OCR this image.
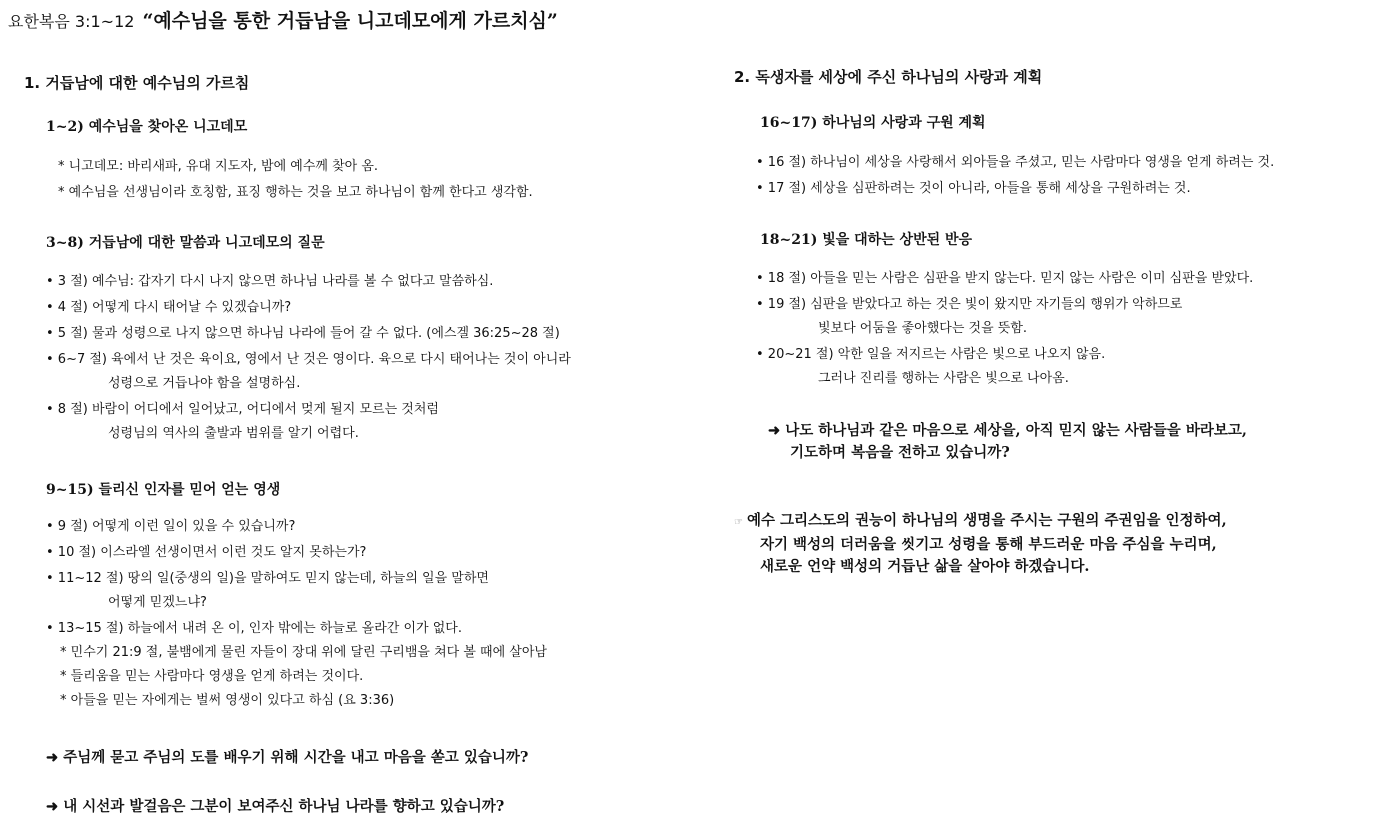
요한복음 3:1~12 “예수님을 통한 거듭남을 니고데모에게 가르치심”
1. 거듭남에 대한 예수님의 가르침
1~2) 예수님을 찾아온 니고데모
* 니고데모: 바리새파, 유대 지도자, 밤에 예수께 찾아 옴.
* 예수님을 선생님이라 호칭함, 표징 행하는 것을 보고 하나님이 함께 한다고 생각함.
3~8) 거듭남에 대한 말씀과 니고데모의 질문
• 3 절) 예수님: 갑자기 다시 나지 않으면 하나님 나라를 볼 수 없다고 말씀하심.
• 4 절) 어떻게 다시 태어날 수 있겠습니까?
• 5 절) 물과 성령으로 나지 않으면 하나님 나라에 들어 갈 수 없다. (에스겔 36:25~28 절)
• 6~7 절) 육에서 난 것은 육이요, 영에서 난 것은 영이다. 육으로 다시 태어나는 것이 아니라
성령으로 거듭나야 함을 설명하심.
• 8 절) 바람이 어디에서 일어났고, 어디에서 멎게 될지 모르는 것처럼
성령님의 역사의 출발과 범위를 알기 어렵다.
9~15) 들리신 인자를 믿어 얻는 영생
• 9 절) 어떻게 이런 일이 있을 수 있습니까?
• 10 절) 이스라엘 선생이면서 이런 것도 알지 못하는가?
• 11~12 절) 땅의 일(중생의 일)을 말하여도 믿지 않는데, 하늘의 일을 말하면
어떻게 믿겠느냐?
• 13~15 절) 하늘에서 내려 온 이, 인자 밖에는 하늘로 올라간 이가 없다.
* 민수기 21:9 절, 불뱀에게 물린 자들이 장대 위에 달린 구리뱀을 쳐다 볼 때에 살아남
* 들리움을 믿는 사람마다 영생을 얻게 하려는 것이다.
* 아들을 믿는 자에게는 벌써 영생이 있다고 하심 (요 3:36)
➜ 주님께 묻고 주님의 도를 배우기 위해 시간을 내고 마음을 쏟고 있습니까?
➜ 내 시선과 발걸음은 그분이 보여주신 하나님 나라를 향하고 있습니까?
2. 독생자를 세상에 주신 하나님의 사랑과 계획
16~17) 하나님의 사랑과 구원 계획
• 16 절) 하나님이 세상을 사랑해서 외아들을 주셨고, 믿는 사람마다 영생을 얻게 하려는 것.
• 17 절) 세상을 심판하려는 것이 아니라, 아들을 통해 세상을 구원하려는 것.
18~21) 빛을 대하는 상반된 반응
• 18 절) 아들을 믿는 사람은 심판을 받지 않는다. 믿지 않는 사람은 이미 심판을 받았다.
• 19 절) 심판을 받았다고 하는 것은 빛이 왔지만 자기들의 행위가 악하므로
빛보다 어둠을 좋아했다는 것을 뜻함.
• 20~21 절) 악한 일을 저지르는 사람은 빛으로 나오지 않음.
그러나 진리를 행하는 사람은 빛으로 나아옴.
➜ 나도 하나님과 같은 마음으로 세상을, 아직 믿지 않는 사람들을 바라보고,
기도하며 복음을 전하고 있습니까?
☞ 예수 그리스도의 권능이 하나님의 생명을 주시는 구원의 주권임을 인정하여,
자기 백성의 더러움을 씻기고 성령을 통해 부드러운 마음 주심을 누리며,
새로운 언약 백성의 거듭난 삶을 살아야 하겠습니다.
